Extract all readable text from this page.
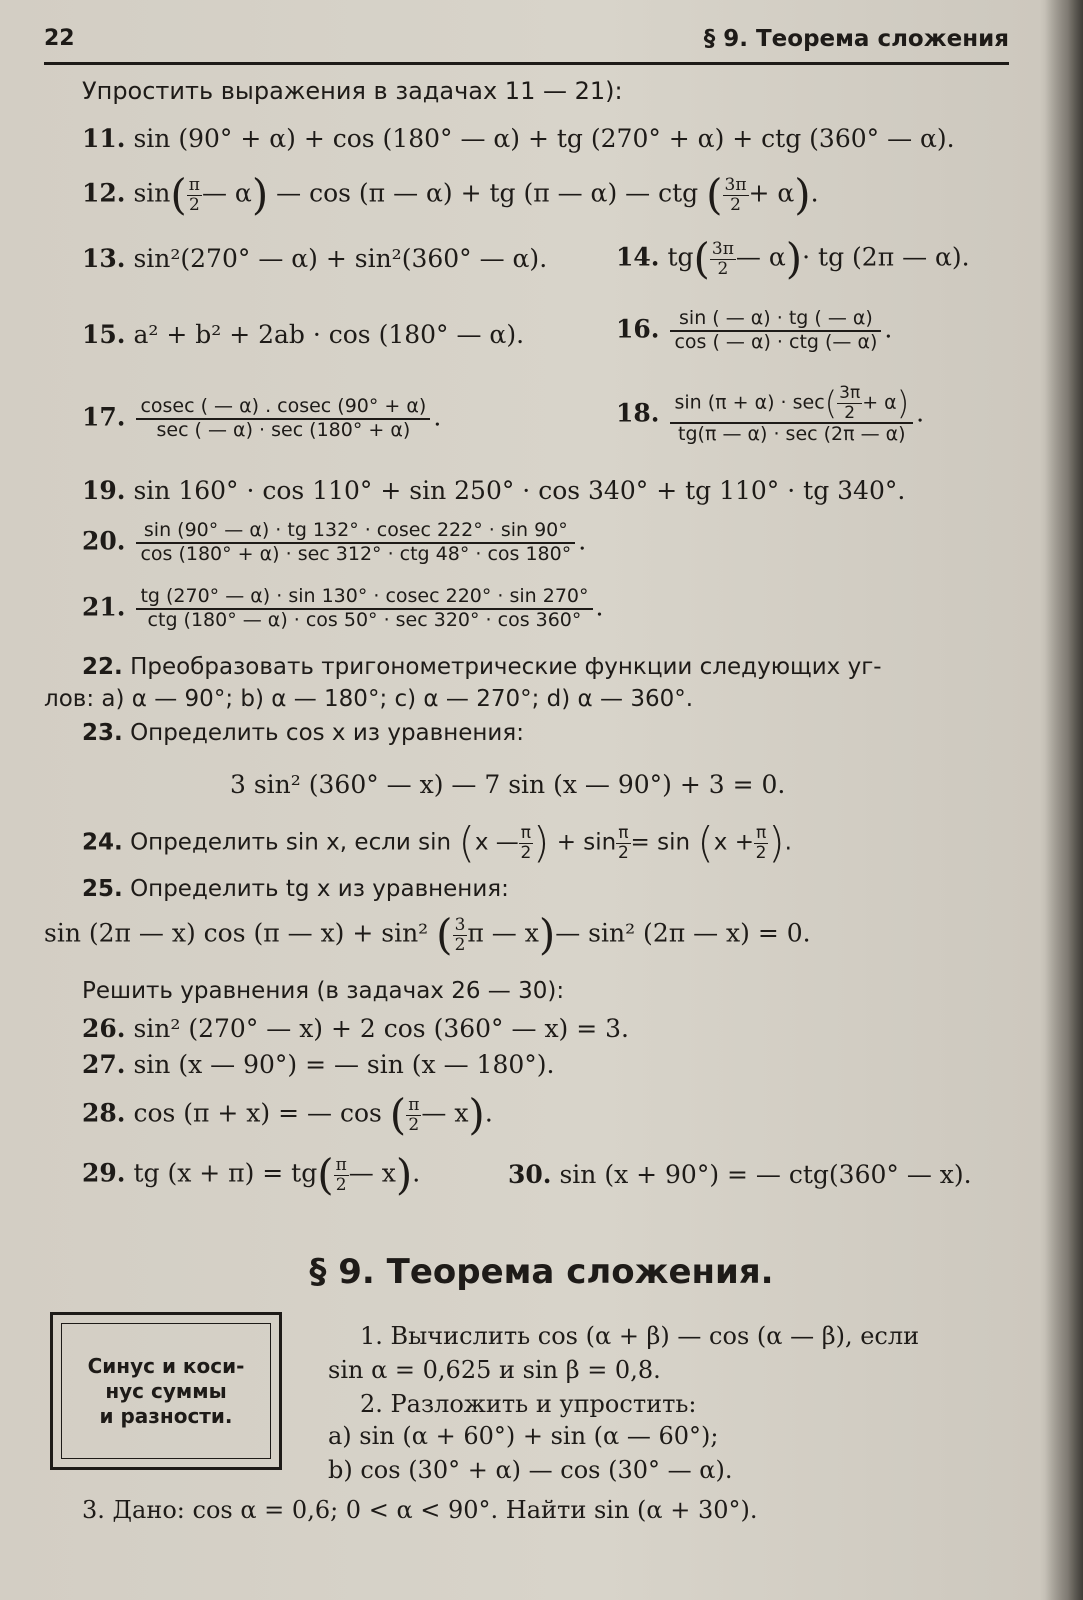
22	§ 9. Теорема сложения
Упростить выражения в задачах 11 — 21):
11. sin (90° + α) + cos (180° — α) + tg (270° + α) + ctg (360° — α).
12. $\sin( \frac{\pi}{2}$ — α) — cos (π — α) + tg (π — α) — ctg ( $\frac{3\pi}{2} + \alpha$).
13. sin²(270° — α) + sin²(360° — α).	14. $tg( \frac{3\pi}{2}$ — α)· tg (2π — α).
15. a² + b² + 2ab · cos (180° — α).	16. $\frac{\sin ( — \alpha) \cdot tg ( — \alpha)}{\text{cos ( — α) · ctg (— α)}}$ .
17. $\frac{cosec ( — \alpha) . cosec (90^\circ + \alpha)}{\sec ( — \alpha) \cdot \sec (180^\circ + \alpha)}$ .	18. $\frac{\sin (\pi + \alpha) \cdot \sec( \frac{3\pi}{2} + \alpha)}{tg(\pi — \alpha) \cdot \sec (2\pi — \alpha)}$ .
19. sin 160° · cos 110° + sin 250° · cos 340° + tg 110° · tg 340°.
20. $\frac{\sin (90^\circ — \alpha) \cdot tg 132^\circ \cdot cosec 222^\circ \cdot \sin 90^\circ}{\text{cos (180° + α) · sec 312° · ctg 48° · cos 180°}}$ .
21. $\frac{tg (270^\circ — \alpha) \cdot \sin 130^\circ \cdot cosec 220^\circ \cdot \sin 270^\circ}{\text{ctg (180° — α) · cos 50° · sec 320° · cos 360°}}$ .
22. Преобразовать тригонометрические функции следующих уг-
лов: а) α — 90°; b) α — 180°; с) α — 270°; d) α — 360°.
23. Определить cos x из уравнения:
3 sin² (360° — x) — 7 sin (x — 90°) + 3 = 0.
24. Определить sin x, если sin (x — $\frac{\pi}{2}$ ) + $\sin \frac{\pi}{2} = \sin (x + \frac{\pi}{2}$ ).
25. Определить tg x из уравнения:
sin (2π — x) cos (π — x) + sin² ( $\frac{3}{2}$ π — x)— sin² (2π — x) = 0.
Решить уравнения (в задачах 26 — 30):
26. sin² (270° — x) + 2 cos (360° — x) = 3.
27. sin (x — 90°) = — sin (x — 180°).
28. cos (π + x) = — cos ( $\frac{\pi}{2}$ — x).
29. tg $(x + \pi) = tg( \frac{\pi}{2}$ — x).	30. sin (x + 90°) = — ctg(360° — x).
§ 9. Теорема сложения.
Синус и коси-
нус суммы
и разности.
1. Вычислить cos (α + β) — cos (α — β), если
sin α = 0,625 и sin β = 0,8.
2. Разложить и упростить:
a) sin (α + 60°) + sin (α — 60°);
b) cos (30° + α) — cos (30° — α).
3. Дано: cos α = 0,6; 0 < α < 90°. Найти sin (α + 30°).
